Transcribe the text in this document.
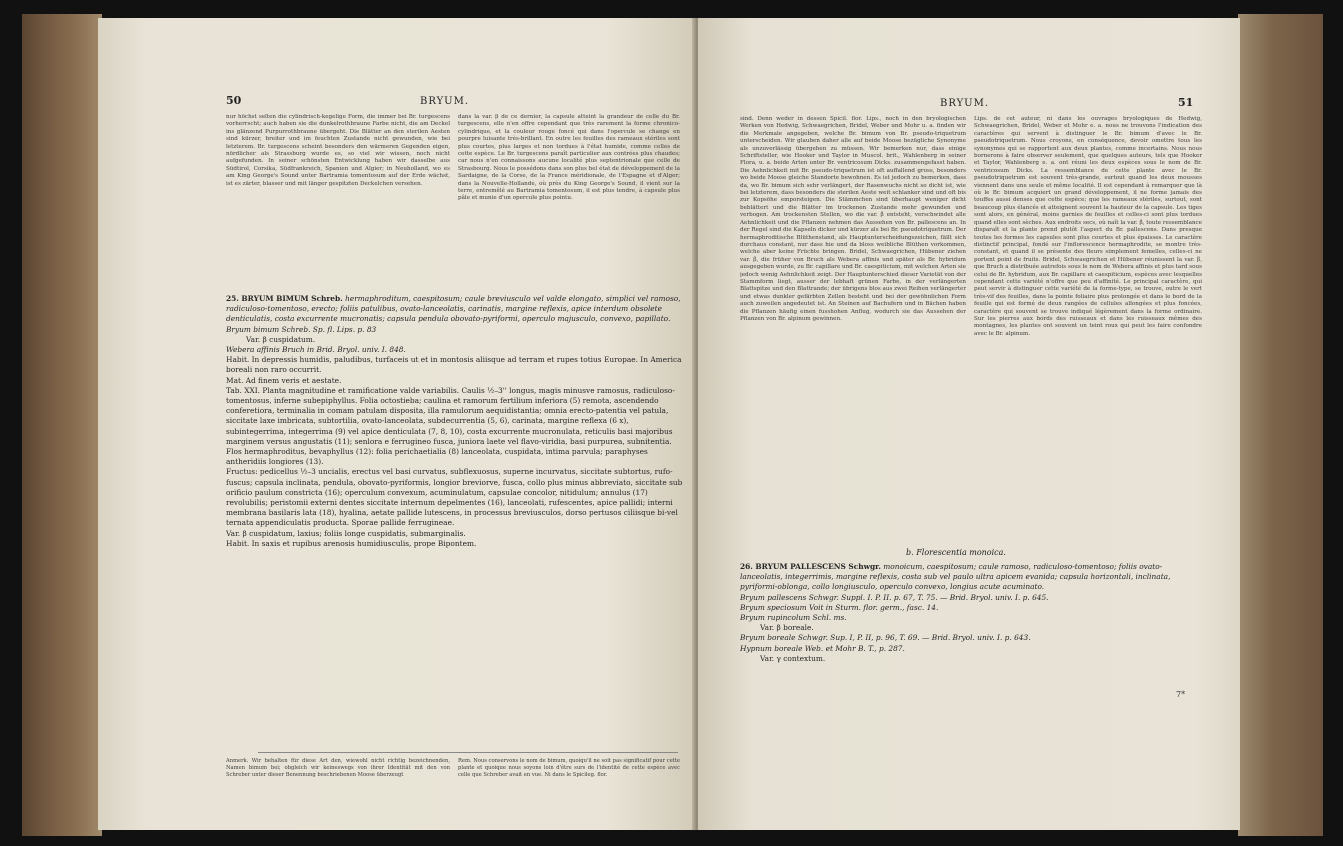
50	BRYUM.
nur höchst selten die cylindrisch-kegelige Form, die immer bei Br. turgescens vorherrscht; auch haben sie die dunkelrothbraune Farbe nicht, die am Deckel ins glänzend Purpurrothbraune übergeht. Die Blätter an den sterilen Aesten sind kürzer, breiter und im feuchten Zustande nicht gewunden, wie bei letzterem. Br. turgescens scheint besonders den wärmeren Gegenden eigen, nördlicher als Strassburg wurde es, so viel wir wissen, noch nicht aufgefunden. In seiner schönsten Entwicklung haben wir dasselbe aus Südtirol, Corsika, Südfrankreich, Spanien und Algier; in Neuholland, wo es am King George's Sound unter Bartramia tomentosum auf der Erde wächst, ist es zärter, blasser und mit länger gespitzten Deckelchen versehen.
dans la var. β de ce dernier, la capsule atteint la grandeur de celle du Br. turgescens, elle n'en offre cependant que très rarement la forme chronico-cylindrique, et la couleur rouge foncé qui dans l'opercule se change en pourpre luisante très-brillant. En outre les feuilles des rameaux stériles sont plus courtes, plus larges et non tordues à l'état humide, comme celles de cette espèce. Le Br. turgescens paraît particulier aux contrées plus chaudes; car nous n'en connaissons aucune localité plus septentrionale que celle de Strasbourg. Nous le possédons dans son plus bel état de développement de la Sardaigne, de la Corse, de la France méridionale, de l'Espagne et d'Alger; dans la Nouvelle-Hollande, où près du King George's Sound, il vient sur la terre, entremêlé au Bartramia tomentosum, il est plus tendre, à capsule plus pâle et munie d'un opercule plus pointu.
25. BRYUM BIMUM Schreb. hermaphroditum, caespitosum; caule breviusculo vel valde elongato, simplici vel ramoso, radiculoso-tomentoso, erecto; foliis patulibus, ovato-lanceolatis, carinatis, margine reflexis, apice interdum obsolete denticulatis, costa excurrente mucronatis; capsula pendula obovato-pyriformi, operculo majusculo, convexo, papillato.
Bryum bimum Schreb. Sp. fl. Lips. p. 83
Var. β cuspidatum.
Webera affinis Bruch in Brid. Bryol. univ. I. 848.
Habit. In depressis humidis, paludibus, turfaceis ut et in montosis aliisque ad terram et rupes totius Europae. In America boreali non raro occurrit.
Mat. Ad finem veris et aestate.
Tab. XXI. Planta magnitudine et ramificatione valde variabilis. Caulis ½–3'' longus, magis minusve ramosus, radiculoso-tomentosus, inferne subepiphyllus. Folia octostieba; caulina et ramorum fertilium inferiora (5) remota, ascendendo conferetiora, terminalia in comam patulam disposita, illa ramulorum aequidistantia; omnia erecto-patentia vel patula, siccitate laxe imbricata, subtortilia, ovato-lanceolata, subdecurrentia (5, 6), carinata, margine reflexa (6 x), subintegerrima, integerrima (9) vel apice denticulata (7, 8, 10), costa excurrente mucronulata, reticulis basi majoribus marginem versus angustatis (11); senlora e ferrugineo fusca, juniora laete vel flavo-viridia, basi purpurea, subnitentia.
Flos hermaphroditus, bevaphyllus (12): folia perichaetialia (8) lanceolata, cuspidata, intima parvula; paraphyses antheridiis longiores (13).
Fructus: pedicellus ½–3 uncialis, erectus vel basi curvatus, subflexuosus, superne incurvatus, siccitate subtortus, rufo-fuscus; capsula inclinata, pendula, obovato-pyriformis, longior breviorve, fusca, collo plus minus abbreviato, siccitate sub orificio paulum constricta (16); operculum convexum, acuminulatum, capsulae concolor, nitidulum; annulus (17) revolubilis; peristomii externi dentes siccitate internum depelmentes (16), lanceolati, rufescentes, apice pallidi; interni membrana basilaris lata (18), hyalina, aetate pallide lutescens, in processus breviusculos, dorso pertusos ciliisque bi-vel ternata appendiculatis producta. Sporae pallide ferrugineae.
Var. β cuspidatum, laxius; foliis longe cuspidatis, submarginalis.
Habit. In saxis et rupibus arenosis humidiusculis, prope Bipontem.
Anmerk. Wir behalten für diese Art den, wiewohl nicht richtig bezeichnenden, Namen bimum bei; obgleich wir keineswegs von ihrer Identität mit den von Schreber unter dieser Benennung beschriebenen Moose überzeugt
Rem. Nous conservons le nom de bimum, quoiqu'il ne soit pas significatif pour cette plante et quoique nous soyons loin d'être surs de l'identité de cette espèce avec celle que Schreber avait en vue. Ni dans le Spicileg. flor.
BRYUM.	51
sind. Denn weder in dessen Spicil. flor. Lips., noch in den bryologischen Werken von Hedwig, Schwaegrichen, Bridel, Weber und Mohr u. a. finden wir die Merkmale angegeben, welche Br. bimum von Br. pseudo-triquetrum unterscheiden. Wir glauben daher alle auf beide Moose bezügliche Synonyme als unzuverlässig übergehen zu müssen. Wir bemerken nur, dass einige Schriftsteller, wie Hooker und Taylor in Muscol. brit., Wahlenberg in seiner Flora, u. a. beide Arten unter Br. ventricosum Dicks. zusammengefasst haben. Die Aehnlichkeit mit Br. pseudo-triquetrum ist oft auffallend gross, besonders wo beide Moose gleiche Standorte bewohnen. Es ist jedoch zu bemerken, dass da, wo Br. bimum sich sehr verlängert, der Rasenwuchs nicht so dicht ist, wie bei letzterem, dass besonders die sterilen Aeste weit schlanker sind und oft bis zur Kopsöhe emporsteigen. Die Stämmchen sind überhaupt weniger dicht beblättert und die Blätter im trockenen Zustande mehr gewunden und verbogen. Am trockensten Stellen, wo die var. β entsteht, verschwindet alle Aehnlichkeit und die Pflanzen nehmen das Aussehen von Br. pallescens an. In der Regel sind die Kapseln dicker und kürzer als bei Br. pseudotriquetrum. Der hermaphroditische Blüthenstand, als Hauptunterscheidungszeichen, fällt sich durchaus constant, nur dass hie und da bloss weibliche Blüthen vorkommen, welche aber keine Früchte bringen. Bridel, Schwaegrichen, Hübener ziehen var. β, die früher von Bruch als Webera affinis und später als Br. hybridum ausgegeben wurde, zu Br. capillare und Br. caespiticium, mit welchen Arten sie jedoch wenig Aehnlichkeit zeigt. Der Hauptunterschied dieser Varietät von der Stammform liegt, ausser der lebhaft grünen Farbe, in der verlängerten Blattspitze und den Blattrande; der übrigens blos aus zwei Reihen verlängerter und etwas dunkler gefärbten Zellen besteht und bei der gewöhnlichen Form auch zuweilen angedeutet ist. An Steinen auf Bachufern und in Bächen haben die Pflanzen häufig einen fusshohen Anflug, wodurch sie das Aussehen der Pflanzen von Br. alpinum gewinnen.
Lips. de cet auteur, ni dans les ouvrages bryologiques de Hedwig, Schwaegrichen, Bridel, Weber et Mohr e. a. nous ne trouvons l'indication des caractères qui servent à distinguer le Br. bimum d'avec le Br. pseudotriquetrum. Nous croyons, en conséquence, devoir omettre tous les synonymes qui se rapportent aux deux plantes, comme incertains. Nous nous bornerons à faire observer seulement, que quelques auteurs, tels que Hooker et Taylor, Wahlenberg e. a. ont réuni les deux espèces sous le nom de Br. ventricosum Dicks. La ressemblance de cette plante avec le Br. pseudotriquetrum est souvent très-grande, surtout quand les deux mousses viennent dans une seule et même localité. Il est cependant à remarquer que là où le Br. bimum acquiert un grand développement, il ne forme jamais des touffes aussi denses que cette espèce; que les rameaux stériles, surtout, sont beaucoup plus élancés et atteignent souvent la hauteur de la capsule. Les tiges sont alors, en général, moins garnies de feuilles et celles-ci sont plus tordues quand elles sont sèches. Aux endroits secs, où naît la var. β, toute ressemblance disparaît et la plante prend plutôt l'aspect du Br. pallescens. Dans presque toutes les formes les capsules sont plus courtes et plus épaisses. Le caractère distinctif principal, fondé sur l'inflorescence hermaphrodite, se montre très-constant, et quand il se présente des fleurs simplement femelles, celles-ci ne portent point de fruits. Bridel, Schwaegrichen et Hübener réunissent la var. β, que Bruch a distribuée autrefois sous le nom de Webera affinis et plus tard sous celui de Br. hybridum, aux Br. capillare et caespiticium, espèces avec lesquelles cependant cette variété n'offre que peu d'affinité. Le principal caractère, qui peut servir à distinguer cette variété de la forme-type, se trouve, outre le vert très-vif des feuilles, dans la pointe foliaire plus prolongée et dans le bord de la feuille qui est formé de deux rangées de cellules allongées et plus foncées, caractère qui souvent se trouve indiqué légèrement dans la forme ordinaire. Sur les pierres aux bords des ruisseaux et dans les ruisseaux mêmes des montagnes, les plantes ont souvent un teint roux qui peut les faire confondre avec le Br. alpinum.
b. Florescentia monoica.
26. BRYUM PALLESCENS Schwgr. monoicum, caespitosum; caule ramoso, radiculoso-tomentoso; foliis ovato-lanceolatis, integerrimis, margine reflexis, costa sub vel paulo ultra apicem evanida; capsula horizontali, inclinata, pyriformi-oblonga, collo longiusculo, operculo convexo, longius acute acuminato.
Bryum pallescens Schwgr. Suppl. I. P. II. p. 67, T. 75. — Brid. Bryol. univ. I. p. 645.
Bryum speciosum Voit in Sturm. flor. germ., fasc. 14.
Bryum rupincolum Schl. ms.
Var. β boreale.
Bryum boreale Schwgr. Sup. I, P. II, p. 96, T. 69. — Brid. Bryol. univ. I. p. 643.
Hypnum boreale Web. et Mohr B. T., p. 287.
Var. γ contextum.
7*
